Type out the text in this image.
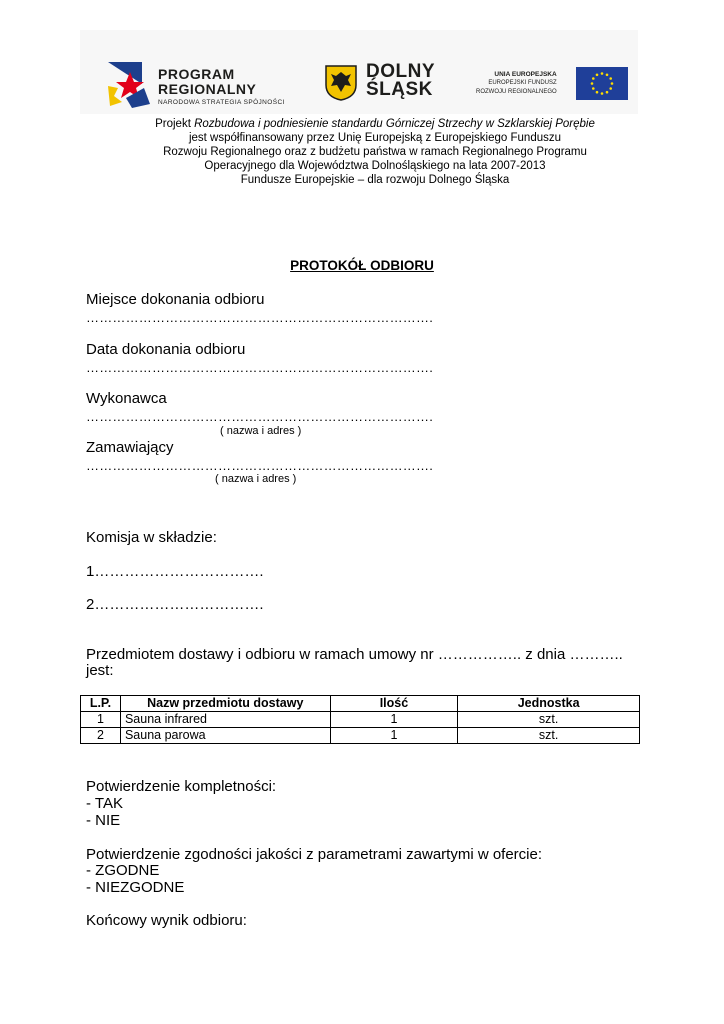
PROGRAM
REGIONALNY
NARODOWA STRATEGIA SPÓJNOŚCI
DOLNY
ŚLĄSK
UNIA EUROPEJSKA
EUROPEJSKI FUNDUSZ
ROZWOJU REGIONALNEGO
Projekt Rozbudowa i podniesienie standardu Górniczej Strzechy w Szklarskiej Porębie
jest współfinansowany przez Unię Europejską z Europejskiego Funduszu
Rozwoju Regionalnego oraz z budżetu państwa w ramach Regionalnego Programu
Operacyjnego dla Województwa Dolnośląskiego na lata 2007-2013
Fundusze Europejskie – dla rozwoju Dolnego Śląska
PROTOKÓŁ ODBIORU
Miejsce dokonania odbioru
…………………………………………………………………….
Data dokonania odbioru
…………………………………………………………………….
Wykonawca
…………………………………………………………………….
( nazwa i adres )
Zamawiający
…………………………………………………………………….
( nazwa i adres )
Komisja w składzie:
1…………………………….
2…………………………….
Przedmiotem dostawy i odbioru w ramach umowy nr …………….. z dnia ………..
jest:
L.P.	Nazw przedmiotu dostawy	Ilość	Jednostka
1	Sauna infrared	1	szt.
2	Sauna parowa	1	szt.
Potwierdzenie kompletności:
- TAK
- NIE
Potwierdzenie zgodności jakości z parametrami zawartymi w ofercie:
- ZGODNE
- NIEZGODNE
Końcowy wynik odbioru:
